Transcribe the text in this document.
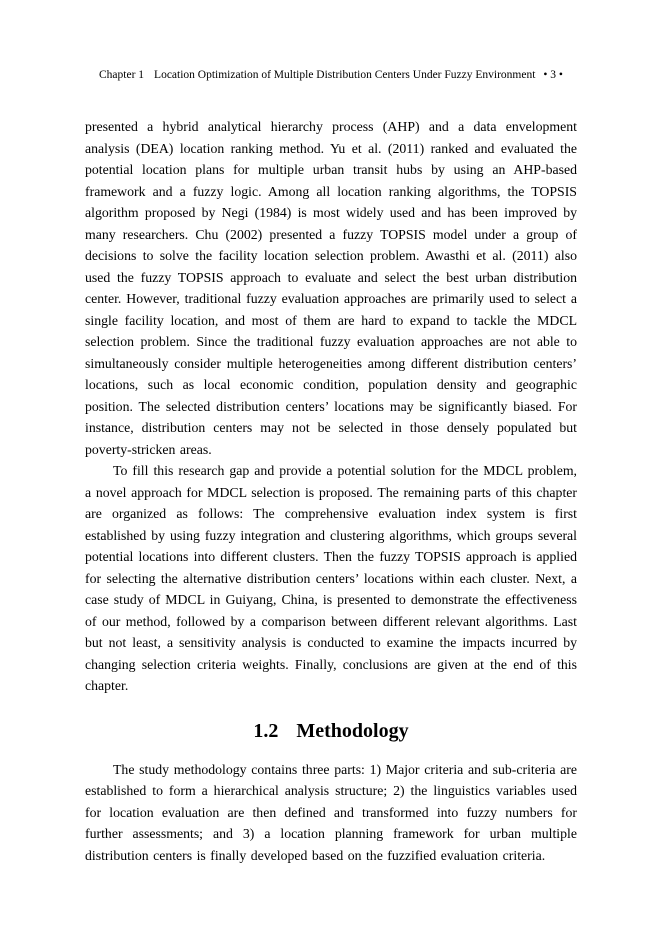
Chapter 1 Location Optimization of Multiple Distribution Centers Under Fuzzy Environment • 3 •

presented a hybrid analytical hierarchy process (AHP) and a data envelopment analysis (DEA) location ranking method. Yu et al. (2011) ranked and evaluated the potential location plans for multiple urban transit hubs by using an AHP-based framework and a fuzzy logic. Among all location ranking algorithms, the TOPSIS algorithm proposed by Negi (1984) is most widely used and has been improved by many researchers. Chu (2002) presented a fuzzy TOPSIS model under a group of decisions to solve the facility location selection problem. Awasthi et al. (2011) also used the fuzzy TOPSIS approach to evaluate and select the best urban distribution center. However, traditional fuzzy evaluation approaches are primarily used to select a single facility location, and most of them are hard to expand to tackle the MDCL selection problem. Since the traditional fuzzy evaluation approaches are not able to simultaneously consider multiple heterogeneities among different distribution centers’ locations, such as local economic condition, population density and geographic position. The selected distribution centers’ locations may be significantly biased. For instance, distribution centers may not be selected in those densely populated but poverty-stricken areas.

To fill this research gap and provide a potential solution for the MDCL problem, a novel approach for MDCL selection is proposed. The remaining parts of this chapter are organized as follows: The comprehensive evaluation index system is first established by using fuzzy integration and clustering algorithms, which groups several potential locations into different clusters. Then the fuzzy TOPSIS approach is applied for selecting the alternative distribution centers’ locations within each cluster. Next, a case study of MDCL in Guiyang, China, is presented to demonstrate the effectiveness of our method, followed by a comparison between different relevant algorithms. Last but not least, a sensitivity analysis is conducted to examine the impacts incurred by changing selection criteria weights. Finally, conclusions are given at the end of this chapter.

1.2 Methodology

The study methodology contains three parts: 1) Major criteria and sub-criteria are established to form a hierarchical analysis structure; 2) the linguistics variables used for location evaluation are then defined and transformed into fuzzy numbers for further assessments; and 3) a location planning framework for urban multiple distribution centers is finally developed based on the fuzzified evaluation criteria.
